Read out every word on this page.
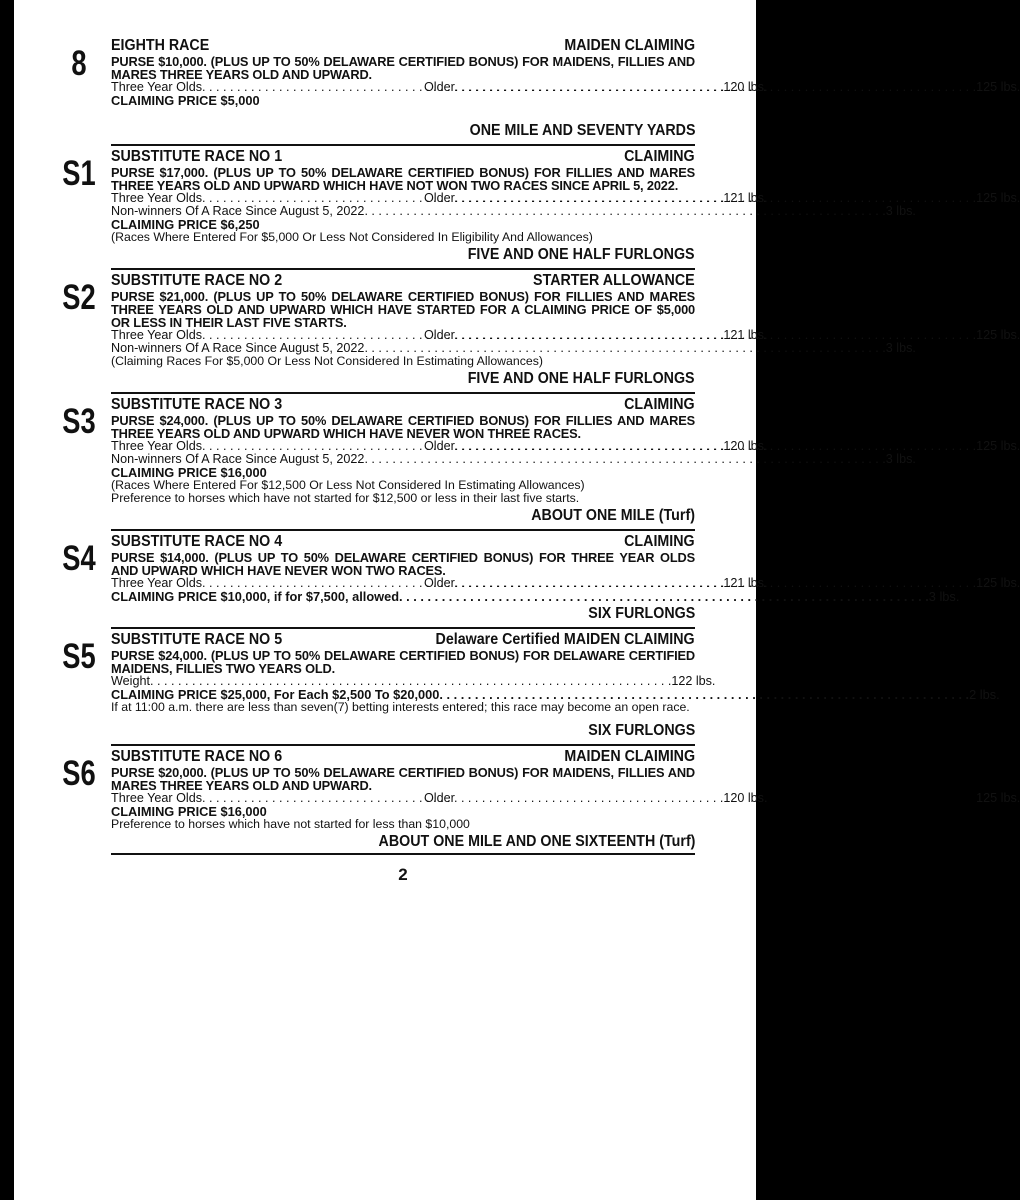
8	EIGHTH RACE	MAIDEN CLAIMING
PURSE $10,000. (PLUS UP TO 50% DELAWARE CERTIFIED BONUS) FOR MAIDENS, FILLIES AND MARES THREE YEARS OLD AND UPWARD.
Three Year Olds . . .	120 lbs.
Older . . .	125 lbs.
CLAIMING PRICE $5,000
ONE MILE AND SEVENTY YARDS
S1 SUBSTITUTE RACE NO 1	CLAIMING
PURSE $17,000. (PLUS UP TO 50% DELAWARE CERTIFIED BONUS) FOR FILLIES AND MARES THREE YEARS OLD AND UPWARD WHICH HAVE NOT WON TWO RACES SINCE APRIL 5, 2022.
Three Year Olds . . .	121 lbs.
Older . . .	125 lbs.
Non-winners Of A Race Since August 5, 2022 . . .	3 lbs.
CLAIMING PRICE $6,250
(Races Where Entered For $5,000 Or Less Not Considered In Eligibility And Allowances)
FIVE AND ONE HALF FURLONGS
S2 SUBSTITUTE RACE NO 2	STARTER ALLOWANCE
PURSE $21,000. (PLUS UP TO 50% DELAWARE CERTIFIED BONUS) FOR FILLIES AND MARES THREE YEARS OLD AND UPWARD WHICH HAVE STARTED FOR A CLAIMING PRICE OF $5,000 OR LESS IN THEIR LAST FIVE STARTS.
Three Year Olds . . .	121 lbs.
Older . . .	125 lbs.
Non-winners Of A Race Since August 5, 2022 . . .	3 lbs.
(Claiming Races For $5,000 Or Less Not Considered In Estimating Allowances)
FIVE AND ONE HALF FURLONGS
S3 SUBSTITUTE RACE NO 3	CLAIMING
PURSE $24,000. (PLUS UP TO 50% DELAWARE CERTIFIED BONUS) FOR FILLIES AND MARES THREE YEARS OLD AND UPWARD WHICH HAVE NEVER WON THREE RACES.
Three Year Olds . . .	120 lbs.
Older . . .	125 lbs.
Non-winners Of A Race Since August 5, 2022 . . .	3 lbs.
CLAIMING PRICE $16,000
(Races Where Entered For $12,500 Or Less Not Considered In Estimating Allowances)
Preference to horses which have not started for $12,500 or less in their last five starts.
ABOUT ONE MILE (Turf)
S4 SUBSTITUTE RACE NO 4	CLAIMING
PURSE $14,000. (PLUS UP TO 50% DELAWARE CERTIFIED BONUS) FOR THREE YEAR OLDS AND UPWARD WHICH HAVE NEVER WON TWO RACES.
Three Year Olds . . .	121 lbs.
Older . . .	125 lbs.
CLAIMING PRICE $10,000, if for $7,500, allowed . . .	3 lbs.
SIX FURLONGS
S5 SUBSTITUTE RACE NO 5	Delaware Certified MAIDEN CLAIMING
PURSE $24,000. (PLUS UP TO 50% DELAWARE CERTIFIED BONUS) FOR DELAWARE CERTIFIED MAIDENS, FILLIES TWO YEARS OLD.
Weight . . .	122 lbs.
CLAIMING PRICE $25,000, For Each $2,500 To $20,000 . . .	2 lbs.
If at 11:00 a.m. there are less than seven(7) betting interests entered; this race may become an open race.
SIX FURLONGS
S6 SUBSTITUTE RACE NO 6	MAIDEN CLAIMING
PURSE $20,000. (PLUS UP TO 50% DELAWARE CERTIFIED BONUS) FOR MAIDENS, FILLIES AND MARES THREE YEARS OLD AND UPWARD.
Three Year Olds . . .	120 lbs.
Older	125 lbs.
CLAIMING PRICE $16,000
Preference to horses which have not started for less than $10,000
ABOUT ONE MILE AND ONE SIXTEENTH (Turf)
2
